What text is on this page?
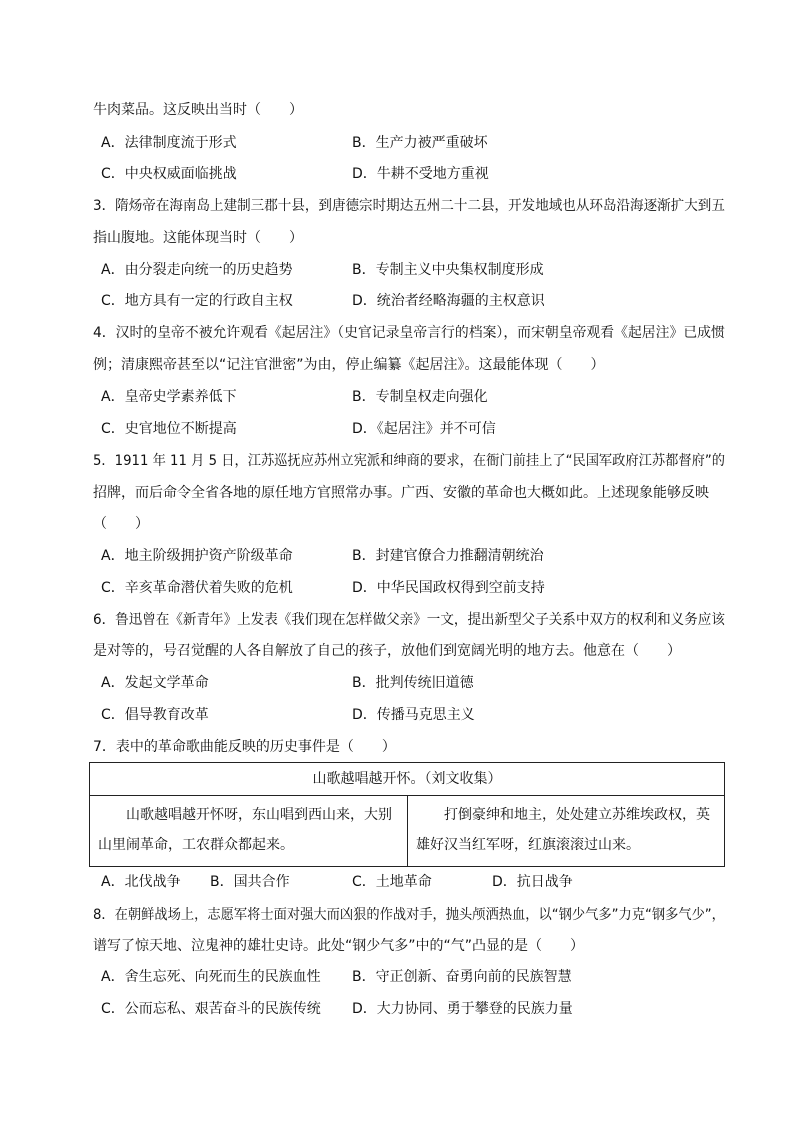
牛肉菜品。这反映出当时（　　）
A．法律制度流于形式	B．生产力被严重破坏
C．中央权威面临挑战	D．牛耕不受地方重视
3．隋炀帝在海南岛上建制三郡十县，到唐德宗时期达五州二十二县，开发地域也从环岛沿海逐渐扩大到五
指山腹地。这能体现当时（　　）
A．由分裂走向统一的历史趋势	B．专制主义中央集权制度形成
C．地方具有一定的行政自主权	D．统治者经略海疆的主权意识
4．汉时的皇帝不被允许观看《起居注》（史官记录皇帝言行的档案），而宋朝皇帝观看《起居注》已成惯
例；清康熙帝甚至以“记注官泄密”为由，停止编纂《起居注》。这最能体现（　　）
A．皇帝史学素养低下	B．专制皇权走向强化
C．史官地位不断提高	D．《起居注》并不可信
5．1911 年 11 月 5 日，江苏巡抚应苏州立宪派和绅商的要求，在衙门前挂上了“民国军政府江苏都督府”的
招牌，而后命令全省各地的原任地方官照常办事。广西、安徽的革命也大概如此。上述现象能够反映
（　　）
A．地主阶级拥护资产阶级革命	B．封建官僚合力推翻清朝统治
C．辛亥革命潜伏着失败的危机	D．中华民国政权得到空前支持
6．鲁迅曾在《新青年》上发表《我们现在怎样做父亲》一文，提出新型父子关系中双方的权利和义务应该
是对等的，号召觉醒的人各自解放了自己的孩子，放他们到宽阔光明的地方去。他意在（　　）
A．发起文学革命	B．批判传统旧道德
C．倡导教育改革	D．传播马克思主义
7．表中的革命歌曲能反映的历史事件是（　　）
山歌越唱越开怀。（刘文收集）
山歌越唱越开怀呀，东山唱到西山来，大别山里闹革命，工农群众都起来。	打倒豪绅和地主，处处建立苏维埃政权，英雄好汉当红军呀，红旗滚滚过山来。
A．北伐战争 B．国共合作	C．土地革命	D．抗日战争
8．在朝鲜战场上，志愿军将士面对强大而凶狠的作战对手，抛头颅洒热血，以“钢少气多”力克“钢多气少”，
谱写了惊天地、泣鬼神的雄壮史诗。此处“钢少气多”中的“气”凸显的是（　　）
A．舍生忘死、向死而生的民族血性 B．守正创新、奋勇向前的民族智慧
C．公而忘私、艰苦奋斗的民族传统 D．大力协同、勇于攀登的民族力量
